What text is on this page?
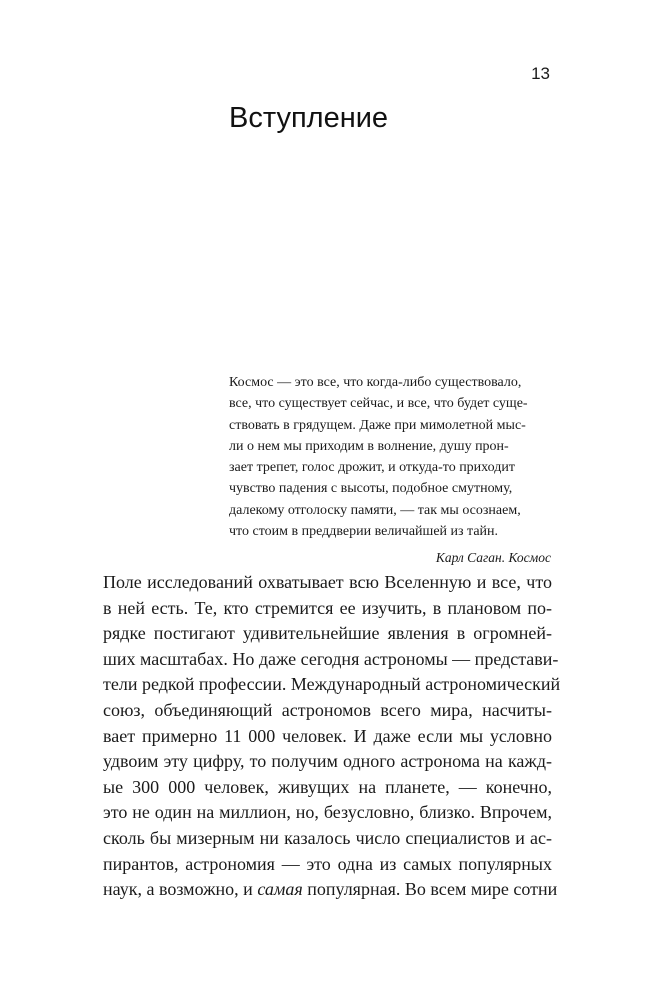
13
Вступление
Космос — это все, что когда-либо существовало,
все, что существует сейчас, и все, что будет суще-
ствовать в грядущем. Даже при мимолетной мыс-
ли о нем мы приходим в волнение, душу прон-
зает трепет, голос дрожит, и откуда-то приходит
чувство падения с высоты, подобное смутному,
далекому отголоску памяти, — так мы осознаем,
что стоим в преддверии величайшей из тайн.
Карл Саган. Космос
Поле исследований охватывает всю Вселенную и все, что
в ней есть. Те, кто стремится ее изучить, в плановом по-
рядке постигают удивительнейшие явления в огромней-
ших масштабах. Но даже сегодня астрономы — представи-
тели редкой профессии. Международный астрономический
союз, объединяющий астрономов всего мира, насчиты-
вает примерно 11 000 человек. И даже если мы условно
удвоим эту цифру, то получим одного астронома на кажд-
ые 300 000 человек, живущих на планете, — конечно,
это не один на миллион, но, безусловно, близко. Впрочем,
сколь бы мизерным ни казалось число специалистов и ас-
пирантов, астрономия — это одна из самых популярных
наук, а возможно, и самая популярная. Во всем мире сотни
